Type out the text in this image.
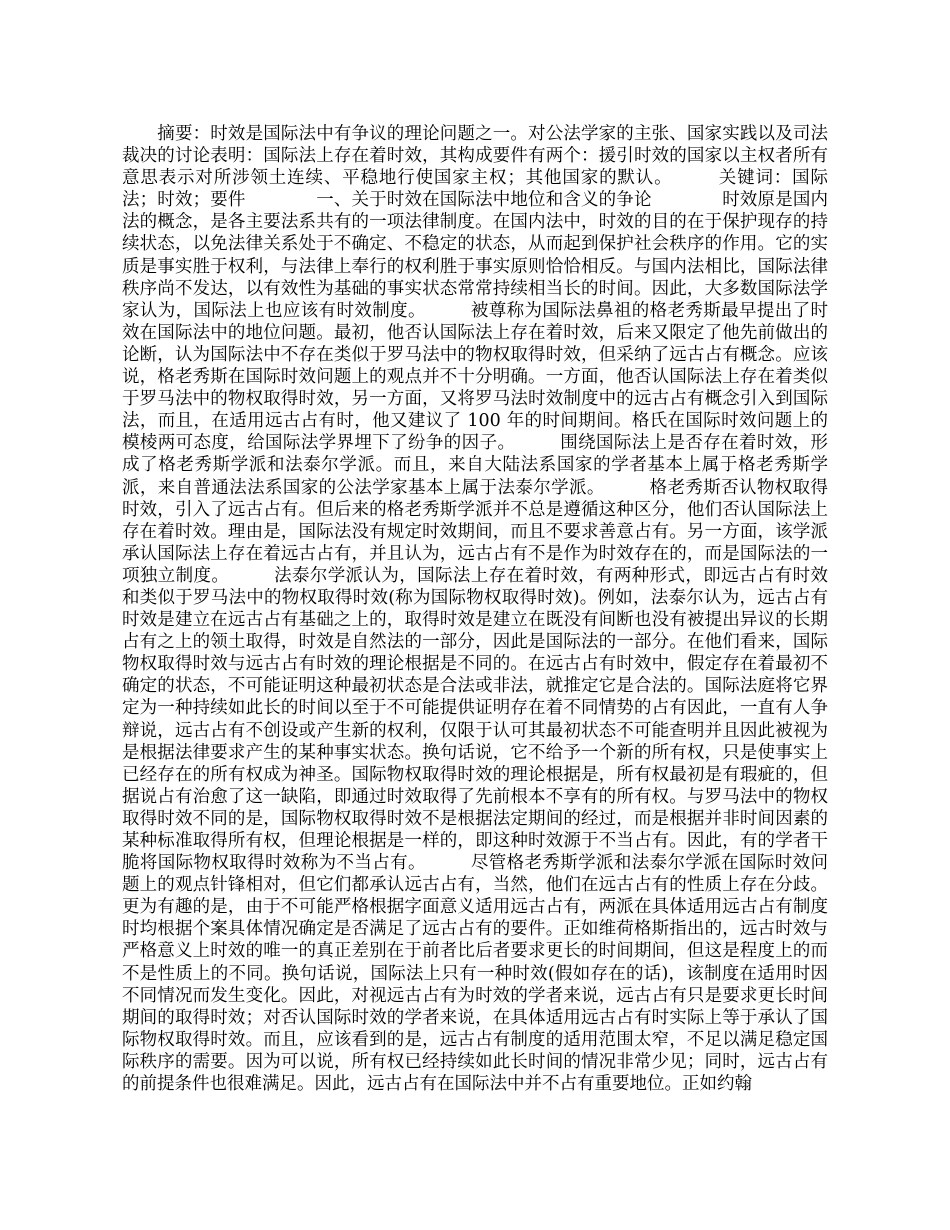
　　摘要：时效是国际法中有争议的理论问题之一。对公法学家的主张、国家实践以及司法裁决的讨论表明：国际法上存在着时效，其构成要件有两个：援引时效的国家以主权者所有意思表示对所涉领土连续、平稳地行使国家主权；其他国家的默认。　　　关键词：国际法；时效；要件　　　　一、关于时效在国际法中地位和含义的争论　　　　时效原是国内法的概念，是各主要法系共有的一项法律制度。在国内法中，时效的目的在于保护现存的持续状态，以免法律关系处于不确定、不稳定的状态，从而起到保护社会秩序的作用。它的实质是事实胜于权利，与法律上奉行的权利胜于事实原则恰恰相反。与国内法相比，国际法律秩序尚不发达，以有效性为基础的事实状态常常持续相当长的时间。因此，大多数国际法学家认为，国际法上也应该有时效制度。　　　被尊称为国际法鼻祖的格老秀斯最早提出了时效在国际法中的地位问题。最初，他否认国际法上存在着时效，后来又限定了他先前做出的论断，认为国际法中不存在类似于罗马法中的物权取得时效，但采纳了远古占有概念。应该说，格老秀斯在国际时效问题上的观点并不十分明确。一方面，他否认国际法上存在着类似于罗马法中的物权取得时效，另一方面，又将罗马法时效制度中的远古占有概念引入到国际法，而且，在适用远古占有时，他又建议了 100 年的时间期间。格氏在国际时效问题上的模棱两可态度，给国际法学界埋下了纷争的因子。　　　围绕国际法上是否存在着时效，形成了格老秀斯学派和法泰尔学派。而且，来自大陆法系国家的学者基本上属于格老秀斯学派，来自普通法法系国家的公法学家基本上属于法泰尔学派。　　　格老秀斯否认物权取得时效，引入了远古占有。但后来的格老秀斯学派并不总是遵循这种区分，他们否认国际法上存在着时效。理由是，国际法没有规定时效期间，而且不要求善意占有。另一方面，该学派承认国际法上存在着远古占有，并且认为，远古占有不是作为时效存在的，而是国际法的一项独立制度。　　　法泰尔学派认为，国际法上存在着时效，有两种形式，即远古占有时效和类似于罗马法中的物权取得时效(称为国际物权取得时效)。例如，法泰尔认为，远古占有时效是建立在远古占有基础之上的，取得时效是建立在既没有间断也没有被提出异议的长期占有之上的领土取得，时效是自然法的一部分，因此是国际法的一部分。在他们看来，国际物权取得时效与远古占有时效的理论根据是不同的。在远古占有时效中，假定存在着最初不确定的状态，不可能证明这种最初状态是合法或非法，就推定它是合法的。国际法庭将它界定为一种持续如此长的时间以至于不可能提供证明存在着不同情势的占有因此，一直有人争辩说，远古占有不创设或产生新的权利，仅限于认可其最初状态不可能查明并且因此被视为是根据法律要求产生的某种事实状态。换句话说，它不给予一个新的所有权，只是使事实上已经存在的所有权成为神圣。国际物权取得时效的理论根据是，所有权最初是有瑕疵的，但据说占有治愈了这一缺陷，即通过时效取得了先前根本不享有的所有权。与罗马法中的物权取得时效不同的是，国际物权取得时效不是根据法定期间的经过，而是根据并非时间因素的某种标准取得所有权，但理论根据是一样的，即这种时效源于不当占有。因此，有的学者干脆将国际物权取得时效称为不当占有。　　　尽管格老秀斯学派和法泰尔学派在国际时效问题上的观点针锋相对，但它们都承认远古占有，当然，他们在远古占有的性质上存在分歧。更为有趣的是，由于不可能严格根据字面意义适用远古占有，两派在具体适用远古占有制度时均根据个案具体情况确定是否满足了远古占有的要件。正如维荷格斯指出的，远古时效与严格意义上时效的唯一的真正差别在于前者比后者要求更长的时间期间，但这是程度上的而不是性质上的不同。换句话说，国际法上只有一种时效(假如存在的话)，该制度在适用时因不同情况而发生变化。因此，对视远古占有为时效的学者来说，远古占有只是要求更长时间期间的取得时效；对否认国际时效的学者来说，在具体适用远古占有时实际上等于承认了国际物权取得时效。而且，应该看到的是，远古占有制度的适用范围太窄，不足以满足稳定国际秩序的需要。因为可以说，所有权已经持续如此长时间的情况非常少见；同时，远古占有的前提条件也很难满足。因此，远古占有在国际法中并不占有重要地位。正如约翰
